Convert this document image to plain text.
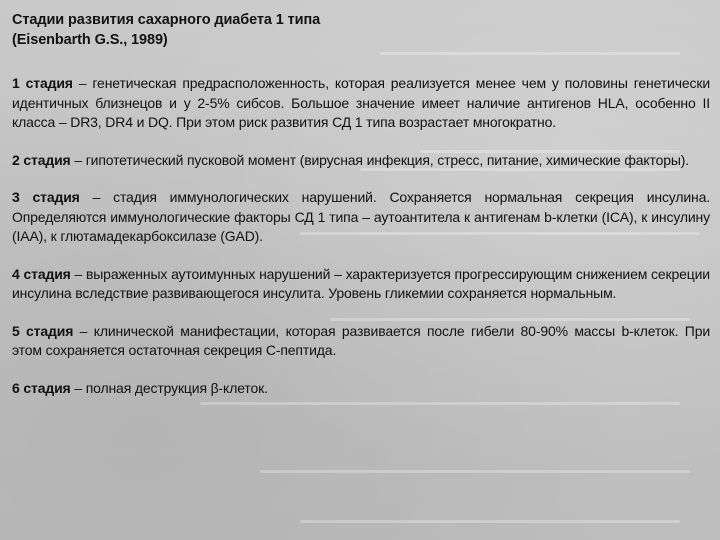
Стадии развития сахарного диабета 1 типа
(Eisenbarth G.S., 1989)

1 стадия – генетическая предрасположенность, которая реализуется менее чем у половины генетически идентичных близнецов и у 2-5% сибсов. Большое значение имеет наличие антигенов HLA, особенно II класса – DR3, DR4 и DQ. При этом риск развития СД 1 типа возрастает многократно.

2 стадия – гипотетический пусковой момент (вирусная инфекция, стресс, питание, химические факторы).

3 стадия – стадия иммунологических нарушений. Сохраняется нормальная секреция инсулина. Определяются иммунологические факторы СД 1 типа – аутоантитела к антигенам b-клетки (ICA), к инсулину (IAA), к глютамадекарбоксилазе (GAD).

4 стадия – выраженных аутоимунных нарушений – характеризуется прогрессирующим снижением секреции инсулина вследствие развивающегося инсулита. Уровень гликемии сохраняется нормальным.

5 стадия – клинической манифестации, которая развивается после гибели 80-90% массы b-клеток. При этом сохраняется остаточная секреция С-пептида.

6 стадия – полная деструкция β-клеток.
